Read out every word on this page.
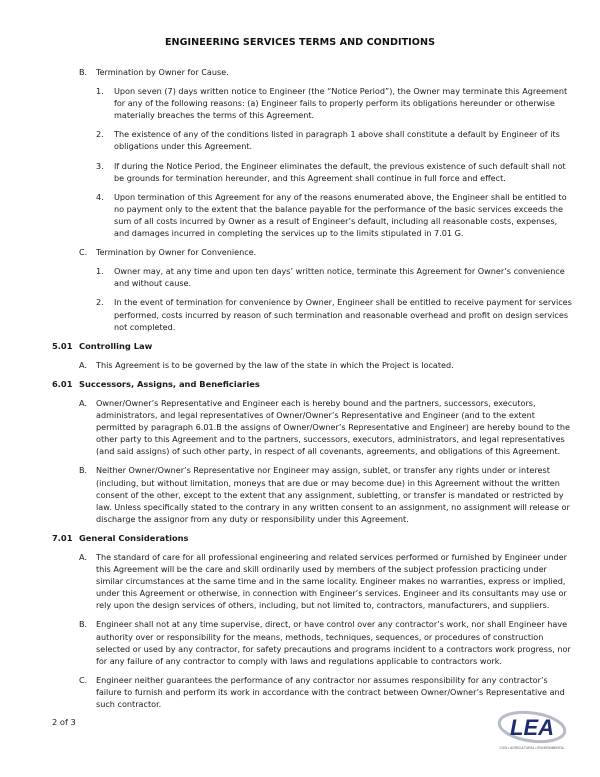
ENGINEERING SERVICES TERMS AND CONDITIONS
B. Termination by Owner for Cause.
1. Upon seven (7) days written notice to Engineer (the “Notice Period”), the Owner may terminate this Agreement for any of the following reasons: (a) Engineer fails to properly perform its obligations hereunder or otherwise materially breaches the terms of this Agreement.
2. The existence of any of the conditions listed in paragraph 1 above shall constitute a default by Engineer of its obligations under this Agreement.
3. If during the Notice Period, the Engineer eliminates the default, the previous existence of such default shall not be grounds for termination hereunder, and this Agreement shall continue in full force and effect.
4. Upon termination of this Agreement for any of the reasons enumerated above, the Engineer shall be entitled to no payment only to the extent that the balance payable for the performance of the basic services exceeds the sum of all costs incurred by Owner as a result of Engineer’s default, including all reasonable costs, expenses, and damages incurred in completing the services up to the limits stipulated in 7.01 G.
C. Termination by Owner for Convenience.
1. Owner may, at any time and upon ten days’ written notice, terminate this Agreement for Owner’s convenience and without cause.
2. In the event of termination for convenience by Owner, Engineer shall be entitled to receive payment for services performed, costs incurred by reason of such termination and reasonable overhead and profit on design services not completed.
5.01 Controlling Law
A. This Agreement is to be governed by the law of the state in which the Project is located.
6.01 Successors, Assigns, and Beneficiaries
A. Owner/Owner’s Representative and Engineer each is hereby bound and the partners, successors, executors, administrators, and legal representatives of Owner/Owner’s Representative and Engineer (and to the extent permitted by paragraph 6.01.B the assigns of Owner/Owner’s Representative and Engineer) are hereby bound to the other party to this Agreement and to the partners, successors, executors, administrators, and legal representatives (and said assigns) of such other party, in respect of all covenants, agreements, and obligations of this Agreement.
B. Neither Owner/Owner’s Representative nor Engineer may assign, sublet, or transfer any rights under or interest (including, but without limitation, moneys that are due or may become due) in this Agreement without the written consent of the other, except to the extent that any assignment, subletting, or transfer is mandated or restricted by law. Unless specifically stated to the contrary in any written consent to an assignment, no assignment will release or discharge the assignor from any duty or responsibility under this Agreement.
7.01 General Considerations
A. The standard of care for all professional engineering and related services performed or furnished by Engineer under this Agreement will be the care and skill ordinarily used by members of the subject profession practicing under similar circumstances at the same time and in the same locality. Engineer makes no warranties, express or implied, under this Agreement or otherwise, in connection with Engineer’s services. Engineer and its consultants may use or rely upon the design services of others, including, but not limited to, contractors, manufacturers, and suppliers.
B. Engineer shall not at any time supervise, direct, or have control over any contractor’s work, nor shall Engineer have authority over or responsibility for the means, methods, techniques, sequences, or procedures of construction selected or used by any contractor, for safety precautions and programs incident to a contractors work progress, nor for any failure of any contractor to comply with laws and regulations applicable to contractors work.
C. Engineer neither guarantees the performance of any contractor nor assumes responsibility for any contractor’s failure to furnish and perform its work in accordance with the contract between Owner/Owner’s Representative and such contractor.
2 of 3	LEA
CIVIL • AGRICULTURAL • ENVIRONMENTAL
